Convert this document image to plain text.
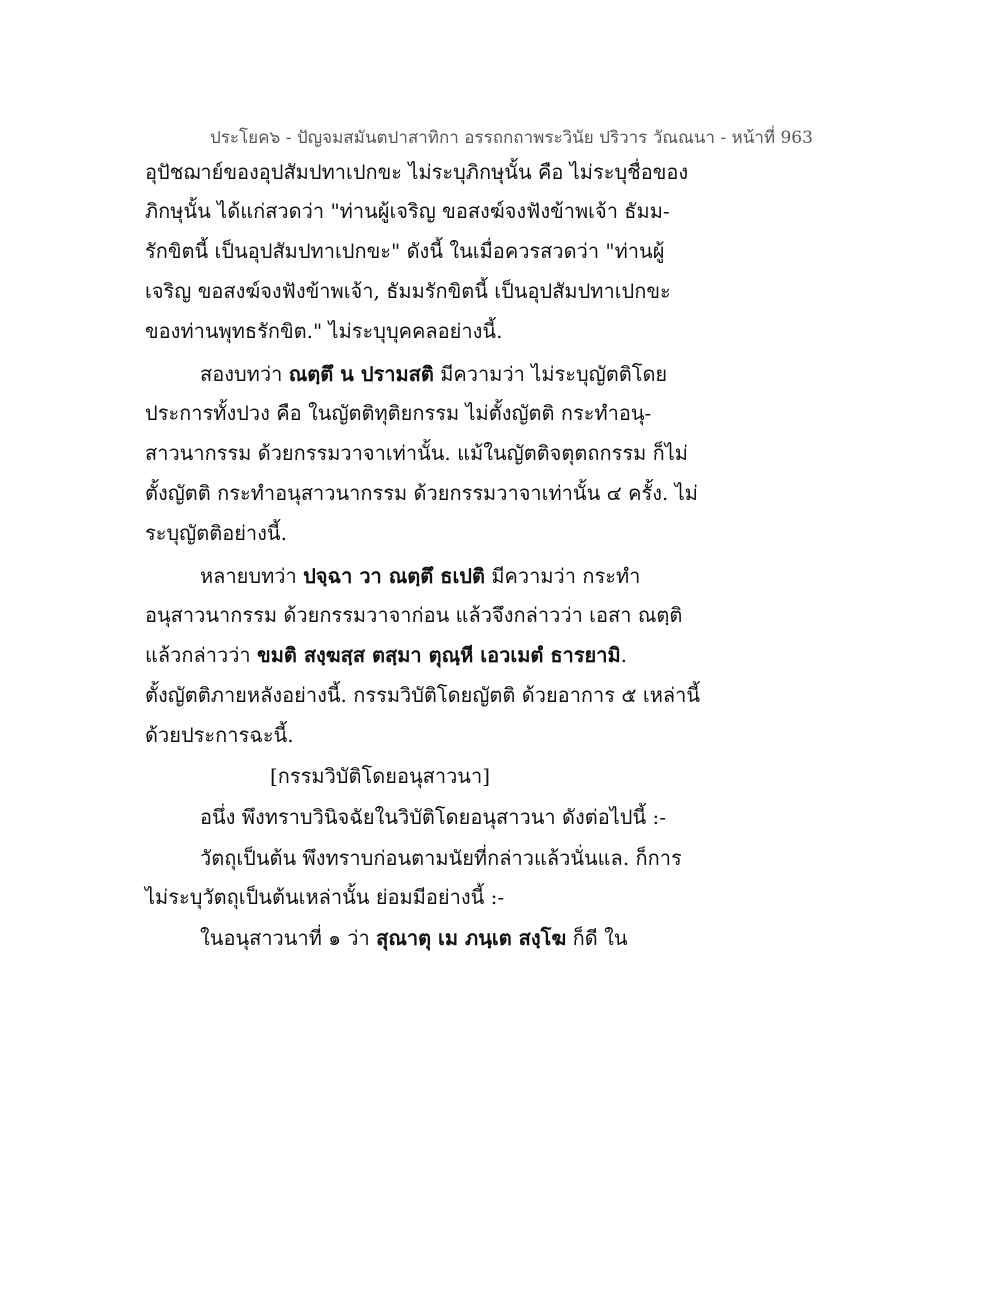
ประโยค๖ - ปัญจมสมันตปาสาทิกา อรรถกถาพระวินัย ปริวาร วัณณนา - หน้าที่ 963
อุปัชฌาย์ของอุปสัมปทาเปกขะ ไม่ระบุภิกษุนั้น คือ ไม่ระบุชื่อของ
ภิกษุนั้น ได้แก่สวดว่า "ท่านผู้เจริญ ขอสงฆ์จงฟังข้าพเจ้า ธัมม-
รักขิตนี้ เป็นอุปสัมปทาเปกขะ" ดังนี้ ในเมื่อควรสวดว่า "ท่านผู้
เจริญ ขอสงฆ์จงฟังข้าพเจ้า, ธัมมรักขิตนี้ เป็นอุปสัมปทาเปกขะ
ของท่านพุทธรักขิต." ไม่ระบุบุคคลอย่างนี้.
สองบทว่า ณตฺตึ น ปรามสติ มีความว่า ไม่ระบุญัตติโดย
ประการทั้งปวง คือ ในญัตติทุติยกรรม ไม่ตั้งญัตติ กระทำอนุ-
สาวนากรรม ด้วยกรรมวาจาเท่านั้น. แม้ในญัตติจตุตถกรรม ก็ไม่
ตั้งญัตติ กระทำอนุสาวนากรรม ด้วยกรรมวาจาเท่านั้น ๔ ครั้ง. ไม่
ระบุญัตติอย่างนี้.
หลายบทว่า ปจฺฉา วา ณตฺตึ ธเปติ มีความว่า กระทำ
อนุสาวนากรรม ด้วยกรรมวาจาก่อน แล้วจึงกล่าวว่า เอสา ณตฺติ
แล้วกล่าวว่า ขมติ สงฺฆสฺส ตสฺมา ตุณฺหี เอวเมตํ ธารยามิ.
ตั้งญัตติภายหลังอย่างนี้. กรรมวิบัติโดยญัตติ ด้วยอาการ ๕ เหล่านี้
ด้วยประการฉะนี้.
[กรรมวิบัติโดยอนุสาวนา]
อนึ่ง พึงทราบวินิจฉัยในวิบัติโดยอนุสาวนา ดังต่อไปนี้ :-
วัตถุเป็นต้น พึงทราบก่อนตามนัยที่กล่าวแล้วนั่นแล. ก็การ
ไม่ระบุวัตถุเป็นต้นเหล่านั้น ย่อมมีอย่างนี้ :-
ในอนุสาวนาที่ ๑ ว่า สุณาตุ เม ภนฺเต สงฺโฆ ก็ดี ใน
